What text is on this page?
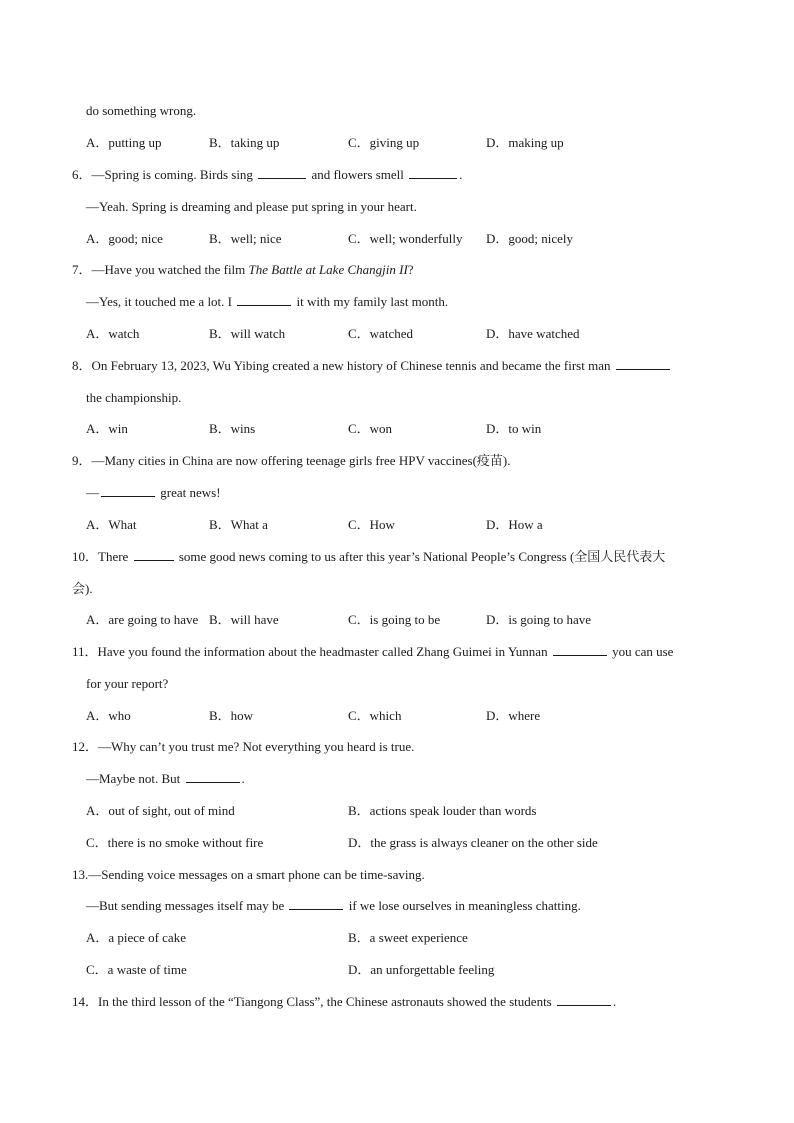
do something wrong.
A．putting up	B．taking up	C．giving up	D．making up
6．—Spring is coming. Birds sing	and flowers smell	.
—Yeah. Spring is dreaming and please put spring in your heart.
A．good; nice	B．well; nice	C．well; wonderfully D．good; nicely
7．—Have you watched the film The Battle at Lake Changjin II?
—Yes, it touched me a lot. I	it with my family last month.
A．watch	B．will watch	C．watched	D．have watched
8．On February 13, 2023, Wu Yibing created a new history of Chinese tennis and became the first man
the championship.
A．win	B．wins	C．won	D．to win
9．—Many cities in China are now offering teenage girls free HPV vaccines(疫苗).
—	great news!
A．What	B．What a	C．How	D．How a
10．There	some good news coming to us after this year’s National People’s Congress (全国人民代表大
会).
A．are going to have B．will have	C．is going to be	D．is going to have
11．Have you found the information about the headmaster called Zhang Guimei in Yunnan	you can use
for your report?
A．who	B．how	C．which	D．where
12．—Why can’t you trust me? Not everything you heard is true.
—Maybe not. But	.
A．out of sight, out of mind	B．actions speak louder than words
C．there is no smoke without fire	D．the grass is always cleaner on the other side
13.—Sending voice messages on a smart phone can be time-saving.
—But sending messages itself may be	if we lose ourselves in meaningless chatting.
A．a piece of cake	B．a sweet experience
C．a waste of time	D．an unforgettable feeling
14．In the third lesson of the “Tiangong Class”, the Chinese astronauts showed the students	.
